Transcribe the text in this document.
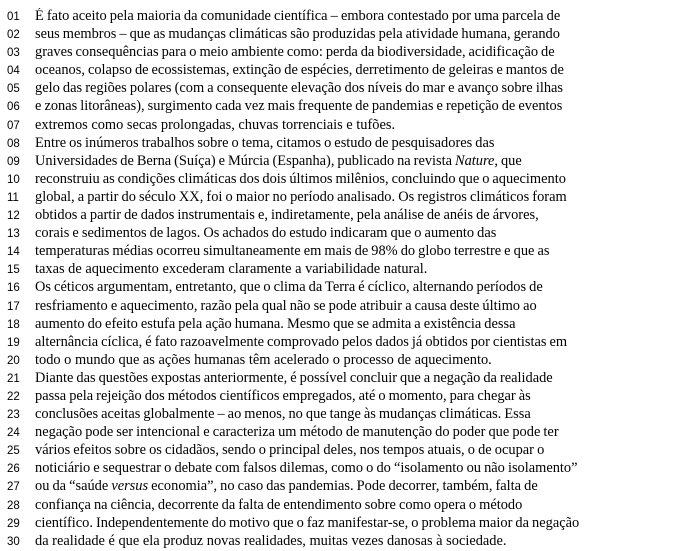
01	É fato aceito pela maioria da comunidade científica – embora contestado por uma parcela de
02	seus membros – que as mudanças climáticas são produzidas pela atividade humana, gerando
03	graves consequências para o meio ambiente como: perda da biodiversidade, acidificação de
04	oceanos, colapso de ecossistemas, extinção de espécies, derretimento de geleiras e mantos de
05	gelo das regiões polares (com a consequente elevação dos níveis do mar e avanço sobre ilhas
06	e zonas litorâneas), surgimento cada vez mais frequente de pandemias e repetição de eventos
07	extremos como secas prolongadas, chuvas torrenciais e tufões.
08	Entre os inúmeros trabalhos sobre o tema, citamos o estudo de pesquisadores das
09	Universidades de Berna (Suíça) e Múrcia (Espanha), publicado na revista Nature, que
10	reconstruiu as condições climáticas dos dois últimos milênios, concluindo que o aquecimento
11	global, a partir do século XX, foi o maior no período analisado. Os registros climáticos foram
12	obtidos a partir de dados instrumentais e, indiretamente, pela análise de anéis de árvores,
13	corais e sedimentos de lagos. Os achados do estudo indicaram que o aumento das
14	temperaturas médias ocorreu simultaneamente em mais de 98% do globo terrestre e que as
15	taxas de aquecimento excederam claramente a variabilidade natural.
16	Os céticos argumentam, entretanto, que o clima da Terra é cíclico, alternando períodos de
17	resfriamento e aquecimento, razão pela qual não se pode atribuir a causa deste último ao
18	aumento do efeito estufa pela ação humana. Mesmo que se admita a existência dessa
19	alternância cíclica, é fato razoavelmente comprovado pelos dados já obtidos por cientistas em
20	todo o mundo que as ações humanas têm acelerado o processo de aquecimento.
21	Diante das questões expostas anteriormente, é possível concluir que a negação da realidade
22	passa pela rejeição dos métodos científicos empregados, até o momento, para chegar às
23	conclusões aceitas globalmente – ao menos, no que tange às mudanças climáticas. Essa
24	negação pode ser intencional e caracteriza um método de manutenção do poder que pode ter
25	vários efeitos sobre os cidadãos, sendo o principal deles, nos tempos atuais, o de ocupar o
26	noticiário e sequestrar o debate com falsos dilemas, como o do “isolamento ou não isolamento”
27	ou da “saúde versus economia”, no caso das pandemias. Pode decorrer, também, falta de
28	confiança na ciência, decorrente da falta de entendimento sobre como opera o método
29	científico. Independentemente do motivo que o faz manifestar-se, o problema maior da negação
30	da realidade é que ela produz novas realidades, muitas vezes danosas à sociedade.
